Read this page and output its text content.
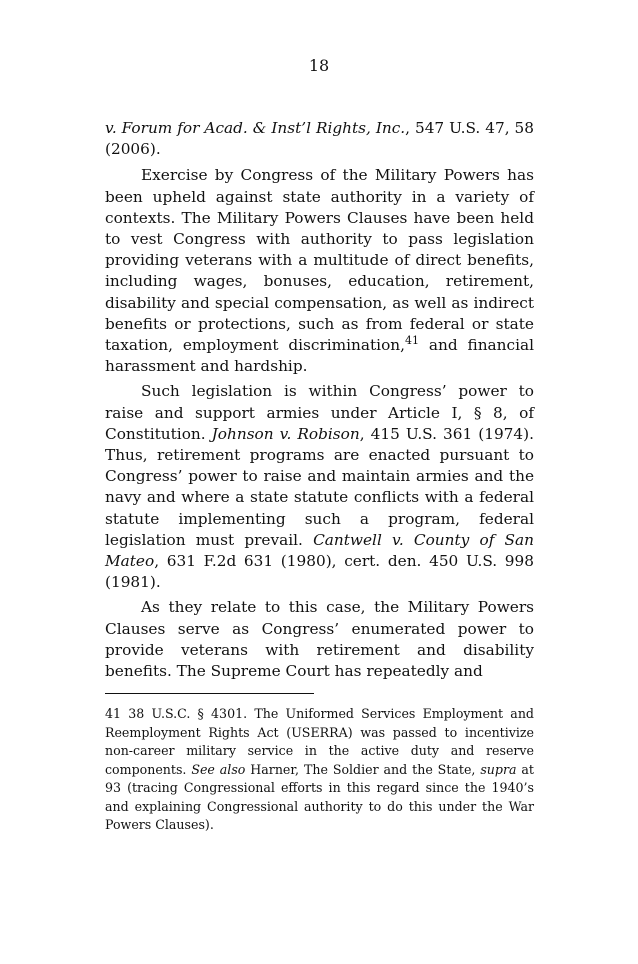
18

v. Forum for Acad. & Inst’l Rights, Inc., 547 U.S. 47, 58 (2006).

Exercise by Congress of the Military Powers has been upheld against state authority in a variety of contexts. The Military Powers Clauses have been held to vest Congress with authority to pass legislation providing veterans with a multitude of direct benefits, including wages, bonuses, education, retirement, disability and special compensation, as well as indirect benefits or protections, such as from federal or state taxation, employment discrimination,$^{41}$ and financial harassment and hardship.

Such legislation is within Congress’ power to raise and support armies under Article I, § 8, of Constitution. Johnson v. Robison, 415 U.S. 361 (1974). Thus, retirement programs are enacted pursuant to Congress’ power to raise and maintain armies and the navy and where a state statute conflicts with a federal statute implementing such a program, federal legislation must prevail. Cantwell v. County of San Mateo, 631 F.2d 631 (1980), cert. den. 450 U.S. 998 (1981).

As they relate to this case, the Military Powers Clauses serve as Congress’ enumerated power to provide veterans with retirement and disability benefits. The Supreme Court has repeatedly and

41 38 U.S.C. § 4301. The Uniformed Services Employment and Reemployment Rights Act (USERRA) was passed to incentivize non-career military service in the active duty and reserve components. See also Harner, The Soldier and the State, supra at 93 (tracing Congressional efforts in this regard since the 1940’s and explaining Congressional authority to do this under the War Powers Clauses).
